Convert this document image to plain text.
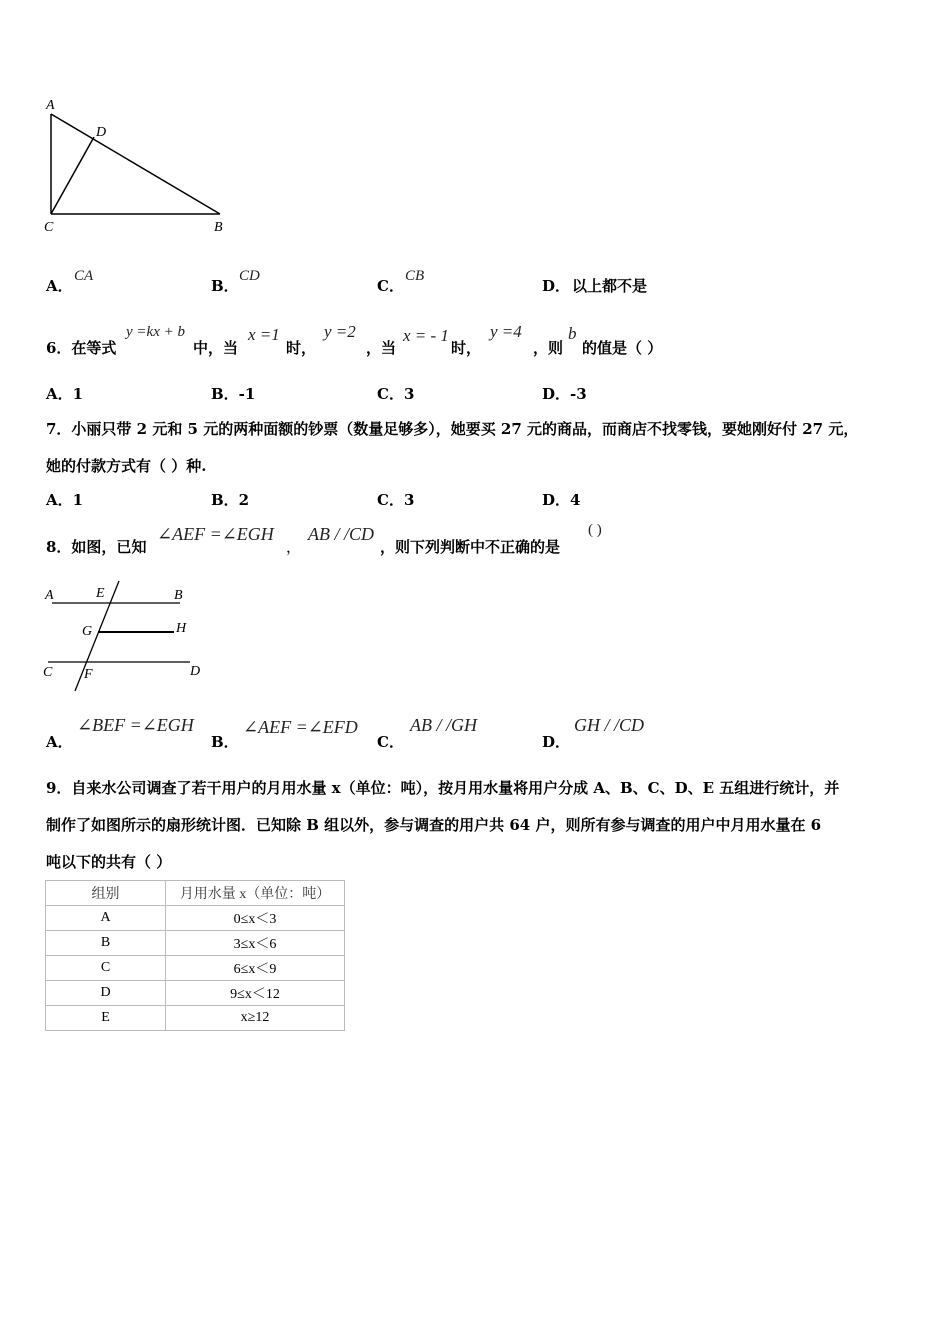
A
D
C	B
A．
CA
B．
CD
C．
CB
D． 以上都不是
6．在等式
y =kx + b
中，当
x =1
时，
y =2
，当
x = - 1
时，
y =4
，则
b
的值是（ ）
A．1	B．-1	C．3	D．-3
7．小丽只带 2 元和 5 元的两种面额的钞票（数量足够多），她要买 27 元的商品，而商店不找零钱，要她刚好付 27 元，
她的付款方式有（ ）种.
A．1	B．2	C．3	D．4
8．如图，已知
∠AEF =∠EGH
，
AB / /CD
，则下列判断中不正确的是
( )
A	E	B
G	H
C F	D
A．
∠BEF =∠EGH
B．
∠AEF =∠EFD
C．
AB / /GH
D．
GH / /CD
9．自来水公司调查了若干用户的月用水量 x（单位：吨），按月用水量将用户分成 A、B、C、D、E 五组进行统计，并
制作了如图所示的扇形统计图．已知除 B 组以外，参与调查的用户共 64 户，则所有参与调查的用户中月用水量在 6
吨以下的共有（ ）
组别	月用水量 x（单位：吨）
A	0≤x＜3
B	3≤x＜6
C	6≤x＜9
D	9≤x＜12
E	x≥12
